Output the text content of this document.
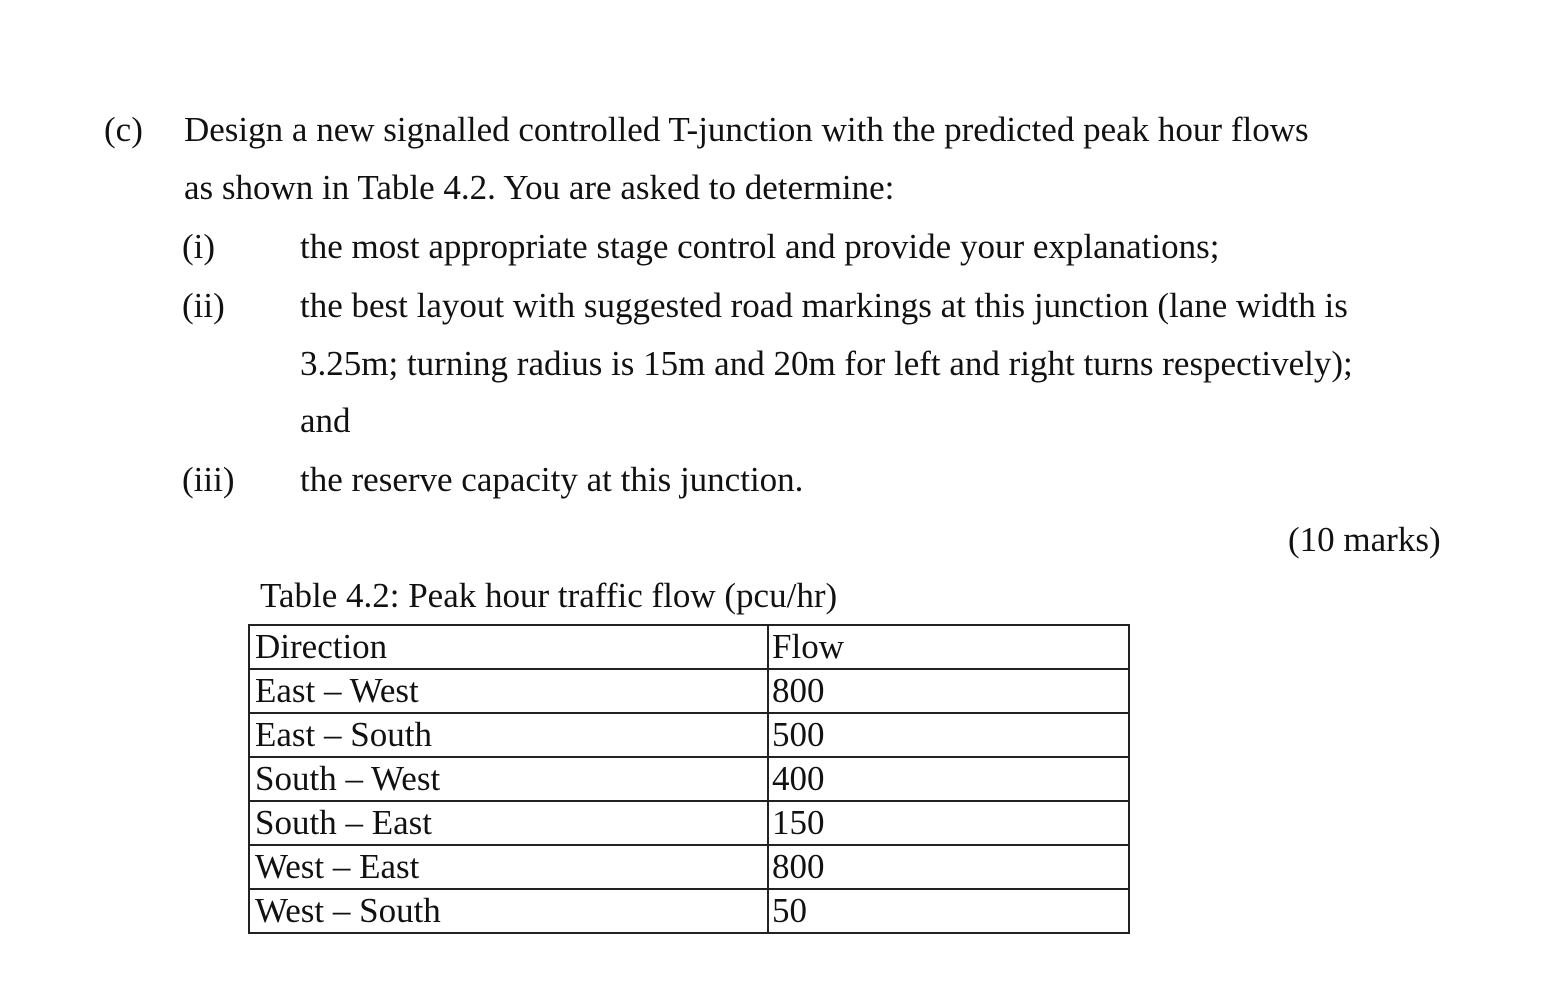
(c) Design a new signalled controlled T-junction with the predicted peak hour flows
as shown in Table 4.2. You are asked to determine:
(i) the most appropriate stage control and provide your explanations;
(ii) the best layout with suggested road markings at this junction (lane width is
3.25m; turning radius is 15m and 20m for left and right turns respectively);
and
(iii) the reserve capacity at this junction.
(10 marks)
Table 4.2: Peak hour traffic flow (pcu/hr)
Direction	Flow
East – West	800
East – South	500
South – West	400
South – East	150
West – East	800
West – South	50
